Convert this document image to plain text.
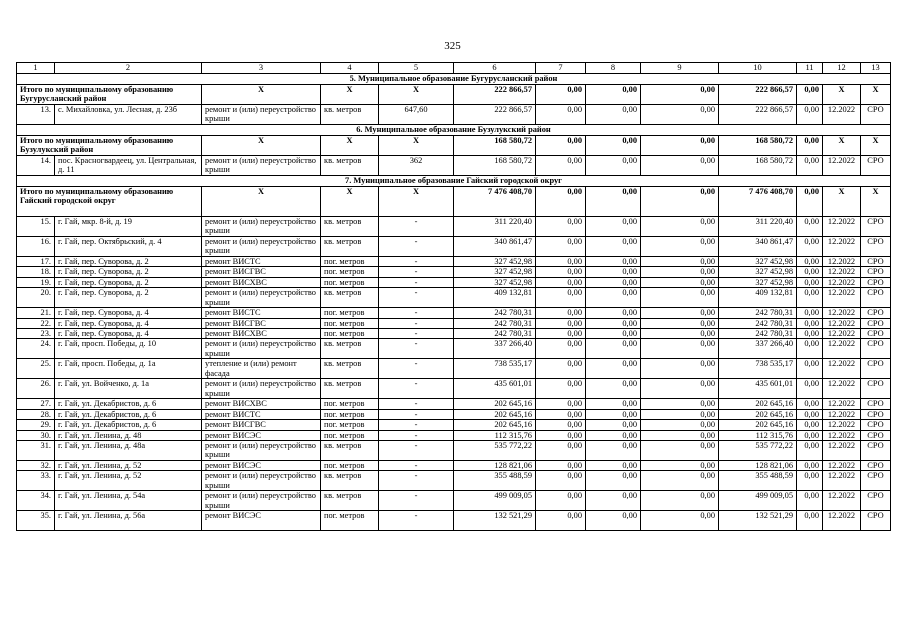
325
1	2	3	4	5	6	7	8	9	10	11	12	13
5. Муниципальное образование Бугурусланский район												
Итого по муниципальному образованию Бугурусланский район		X	X	X	222 866,57	0,00	0,00	0,00	222 866,57	0,00	X	X
13.	с. Михайловка, ул. Лесная, д. 23б	ремонт и (или) переустройство крыши	кв. метров	647,60	222 866,57	0,00	0,00	0,00	222 866,57	0,00	12.2022	СРО
6. Муниципальное образование Бузулукский район												
Итого по муниципальному образованию Бузулукский район		X	X	X	168 580,72	0,00	0,00	0,00	168 580,72	0,00	X	X
14.	пос. Красногвардеец, ул. Центральная, д. 11	ремонт и (или) переустройство крыши	кв. метров	362	168 580,72	0,00	0,00	0,00	168 580,72	0,00	12.2022	СРО
7. Муниципальное образование Гайский городской округ												
Итого по муниципальному образованию Гайский городской округ		X	X	X	7 476 408,70	0,00	0,00	0,00	7 476 408,70	0,00	X	X
15.	г. Гай, мкр. 8-й, д. 19	ремонт и (или) переустройство крыши	кв. метров	-	311 220,40	0,00	0,00	0,00	311 220,40	0,00	12.2022	СРО
16.	г. Гай, пер. Октябрьский, д. 4	ремонт и (или) переустройство крыши	кв. метров	-	340 861,47	0,00	0,00	0,00	340 861,47	0,00	12.2022	СРО
17.	г. Гай, пер. Суворова, д. 2	ремонт ВИСТС	пог. метров	-	327 452,98	0,00	0,00	0,00	327 452,98	0,00	12.2022	СРО
18.	г. Гай, пер. Суворова, д. 2	ремонт ВИСГВС	пог. метров	-	327 452,98	0,00	0,00	0,00	327 452,98	0,00	12.2022	СРО
19.	г. Гай, пер. Суворова, д. 2	ремонт ВИСХВС	пог. метров	-	327 452,98	0,00	0,00	0,00	327 452,98	0,00	12.2022	СРО
20.	г. Гай, пер. Суворова, д. 2	ремонт и (или) переустройство крыши	кв. метров	-	409 132,81	0,00	0,00	0,00	409 132,81	0,00	12.2022	СРО
21.	г. Гай, пер. Суворова, д. 4	ремонт ВИСТС	пог. метров	-	242 780,31	0,00	0,00	0,00	242 780,31	0,00	12.2022	СРО
22.	г. Гай, пер. Суворова, д. 4	ремонт ВИСГВС	пог. метров	-	242 780,31	0,00	0,00	0,00	242 780,31	0,00	12.2022	СРО
23.	г. Гай, пер. Суворова, д. 4	ремонт ВИСХВС	пог. метров	-	242 780,31	0,00	0,00	0,00	242 780,31	0,00	12.2022	СРО
24.	г. Гай, просп. Победы, д. 10	ремонт и (или) переустройство крыши	кв. метров	-	337 266,40	0,00	0,00	0,00	337 266,40	0,00	12.2022	СРО
25.	г. Гай, просп. Победы, д. 1а	утепление и (или) ремонт фасада	кв. метров	-	738 535,17	0,00	0,00	0,00	738 535,17	0,00	12.2022	СРО
26.	г. Гай, ул. Войченко, д. 1а	ремонт и (или) переустройство крыши	кв. метров	-	435 601,01	0,00	0,00	0,00	435 601,01	0,00	12.2022	СРО
27.	г. Гай, ул. Декабристов, д. 6	ремонт ВИСХВС	пог. метров	-	202 645,16	0,00	0,00	0,00	202 645,16	0,00	12.2022	СРО
28.	г. Гай, ул. Декабристов, д. 6	ремонт ВИСТС	пог. метров	-	202 645,16	0,00	0,00	0,00	202 645,16	0,00	12.2022	СРО
29.	г. Гай, ул. Декабристов, д. 6	ремонт ВИСГВС	пог. метров	-	202 645,16	0,00	0,00	0,00	202 645,16	0,00	12.2022	СРО
30.	г. Гай, ул. Ленина, д. 48	ремонт ВИСЭС	пог. метров	-	112 315,76	0,00	0,00	0,00	112 315,76	0,00	12.2022	СРО
31.	г. Гай, ул. Ленина, д. 48а	ремонт и (или) переустройство крыши	кв. метров	-	535 772,22	0,00	0,00	0,00	535 772,22	0,00	12.2022	СРО
32.	г. Гай, ул. Ленина, д. 52	ремонт ВИСЭС	пог. метров	-	128 821,06	0,00	0,00	0,00	128 821,06	0,00	12.2022	СРО
33.	г. Гай, ул. Ленина, д. 52	ремонт и (или) переустройство крыши	кв. метров	-	355 488,59	0,00	0,00	0,00	355 488,59	0,00	12.2022	СРО
34.	г. Гай, ул. Ленина, д. 54а	ремонт и (или) переустройство крыши	кв. метров	-	499 009,05	0,00	0,00	0,00	499 009,05	0,00	12.2022	СРО
35.	г. Гай, ул. Ленина, д. 56а	ремонт ВИСЭС	пог. метров	-	132 521,29	0,00	0,00	0,00	132 521,29	0,00	12.2022	СРО
